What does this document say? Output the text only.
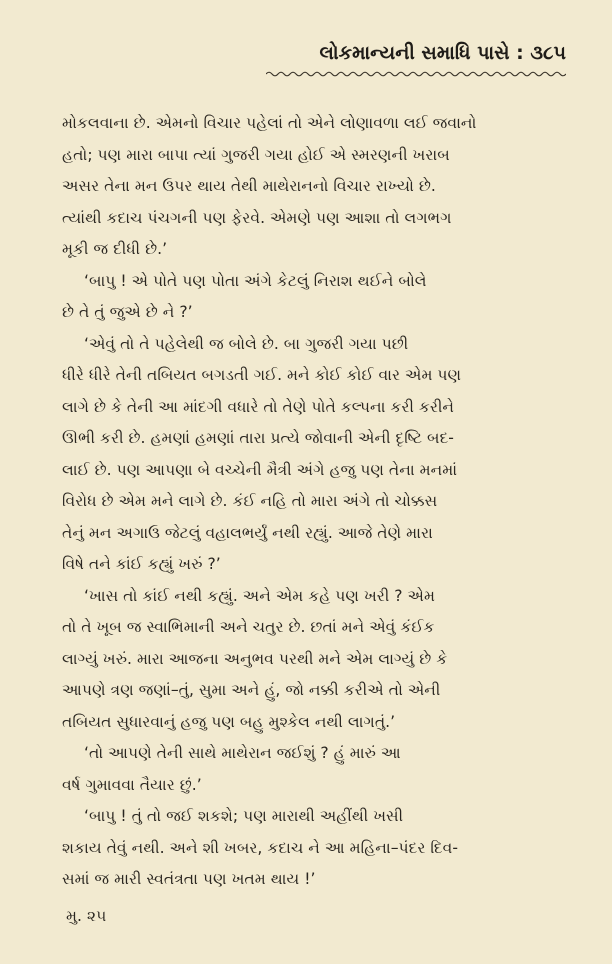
લોકમાન્યની સમાધિ પાસે : ૩૮૫
મોકલવાના છે. એમનો વિચાર પહેલાં તો એને લોણાવળા લઈ જવાનો
હતો; પણ મારા બાપા ત્યાં ગુજરી ગયા હોઈ એ સ્મરણની ખરાબ
અસર તેના મન ઉપર થાય તેથી માથેરાનનો વિચાર રાખ્યો છે.
ત્યાંથી કદાચ પંચગની પણ ફેરવે. એમણે પણ આશા તો લગભગ
મૂકી જ દીધી છે.’
‘બાપુ ! એ પોતે પણ પોતા અંગે કેટલું નિરાશ થઈને બોલે
છે તે તું જુએ છે ને ?’
‘એવું તો તે પહેલેથી જ બોલે છે. બા ગુજરી ગયા પછી
ધીરે ધીરે તેની તબિયત બગડતી ગઈ. મને કોઈ કોઈ વાર એમ પણ
લાગે છે કે તેની આ માંદગી વધારે તો તેણે પોતે કલ્પના કરી કરીને
ઊભી કરી છે. હમણાં હમણાં તારા પ્રત્યે જોવાની એની દૃષ્ટિ બદ-
લાઈ છે. પણ આપણા બે વચ્ચેની મૈત્રી અંગે હજુ પણ તેના મનમાં
વિરોધ છે એમ મને લાગે છે. કંઈ નહિ તો મારા અંગે તો ચોક્કસ
તેનું મન અગાઉ જેટલું વહાલભર્યું નથી રહ્યું. આજે તેણે મારા
વિષે તને કાંઈ કહ્યું ખરું ?’
‘ખાસ તો કાંઈ નથી કહ્યું. અને એમ કહે પણ ખરી ? એમ
તો તે ખૂબ જ સ્વાભિમાની અને ચતુર છે. છતાં મને એવું કંઈક
લાગ્યું ખરું. મારા આજના અનુભવ પરથી મને એમ લાગ્યું છે કે
આપણે ત્રણ જણાં–તું, સુમા અને હું, જો નક્કી કરીએ તો એની
તબિયત સુધારવાનું હજુ પણ બહુ મુશ્કેલ નથી લાગતું.’
‘તો આપણે તેની સાથે માથેરાન જઈશું ? હું મારું આ
વર્ષ ગુમાવવા તૈયાર છું.’
‘બાપુ ! તું તો જઈ શકશે; પણ મારાથી અહીંથી ખસી
શકાય તેવું નથી. અને શી ખબર, કદાચ ને આ મહિના–પંદર દિવ-
સમાં જ મારી સ્વતંત્રતા પણ ખતમ થાય !’
મુ. ૨૫
